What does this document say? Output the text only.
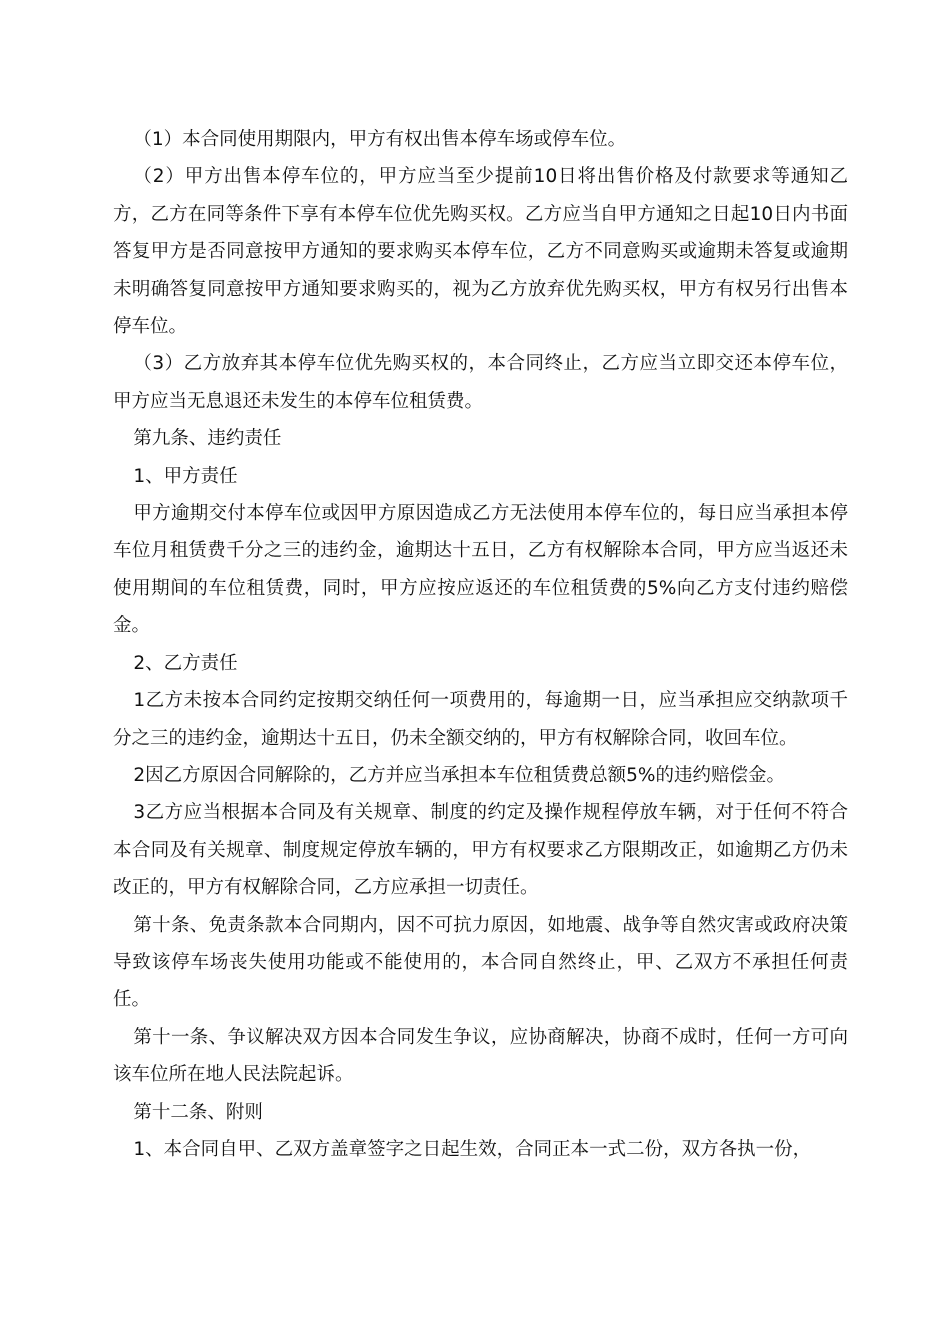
（1）本合同使用期限内，甲方有权出售本停车场或停车位。

（2）甲方出售本停车位的，甲方应当至少提前10日将出售价格及付款要求等通知乙方，乙方在同等条件下享有本停车位优先购买权。乙方应当自甲方通知之日起10日内书面答复甲方是否同意按甲方通知的要求购买本停车位，乙方不同意购买或逾期未答复或逾期未明确答复同意按甲方通知要求购买的，视为乙方放弃优先购买权，甲方有权另行出售本停车位。

（3）乙方放弃其本停车位优先购买权的，本合同终止，乙方应当立即交还本停车位，甲方应当无息退还未发生的本停车位租赁费。

第九条、违约责任

1、甲方责任

甲方逾期交付本停车位或因甲方原因造成乙方无法使用本停车位的，每日应当承担本停车位月租赁费千分之三的违约金，逾期达十五日，乙方有权解除本合同，甲方应当返还未使用期间的车位租赁费，同时，甲方应按应返还的车位租赁费的5%向乙方支付违约赔偿金。

2、乙方责任

1乙方未按本合同约定按期交纳任何一项费用的，每逾期一日，应当承担应交纳款项千分之三的违约金，逾期达十五日，仍未全额交纳的，甲方有权解除合同，收回车位。

2因乙方原因合同解除的，乙方并应当承担本车位租赁费总额5%的违约赔偿金。

3乙方应当根据本合同及有关规章、制度的约定及操作规程停放车辆，对于任何不符合本合同及有关规章、制度规定停放车辆的，甲方有权要求乙方限期改正，如逾期乙方仍未改正的，甲方有权解除合同，乙方应承担一切责任。

第十条、免责条款本合同期内，因不可抗力原因，如地震、战争等自然灾害或政府决策导致该停车场丧失使用功能或不能使用的，本合同自然终止，甲、乙双方不承担任何责任。

第十一条、争议解决双方因本合同发生争议，应协商解决，协商不成时，任何一方可向该车位所在地人民法院起诉。

第十二条、附则

1、本合同自甲、乙双方盖章签字之日起生效，合同正本一式二份，双方各执一份，
